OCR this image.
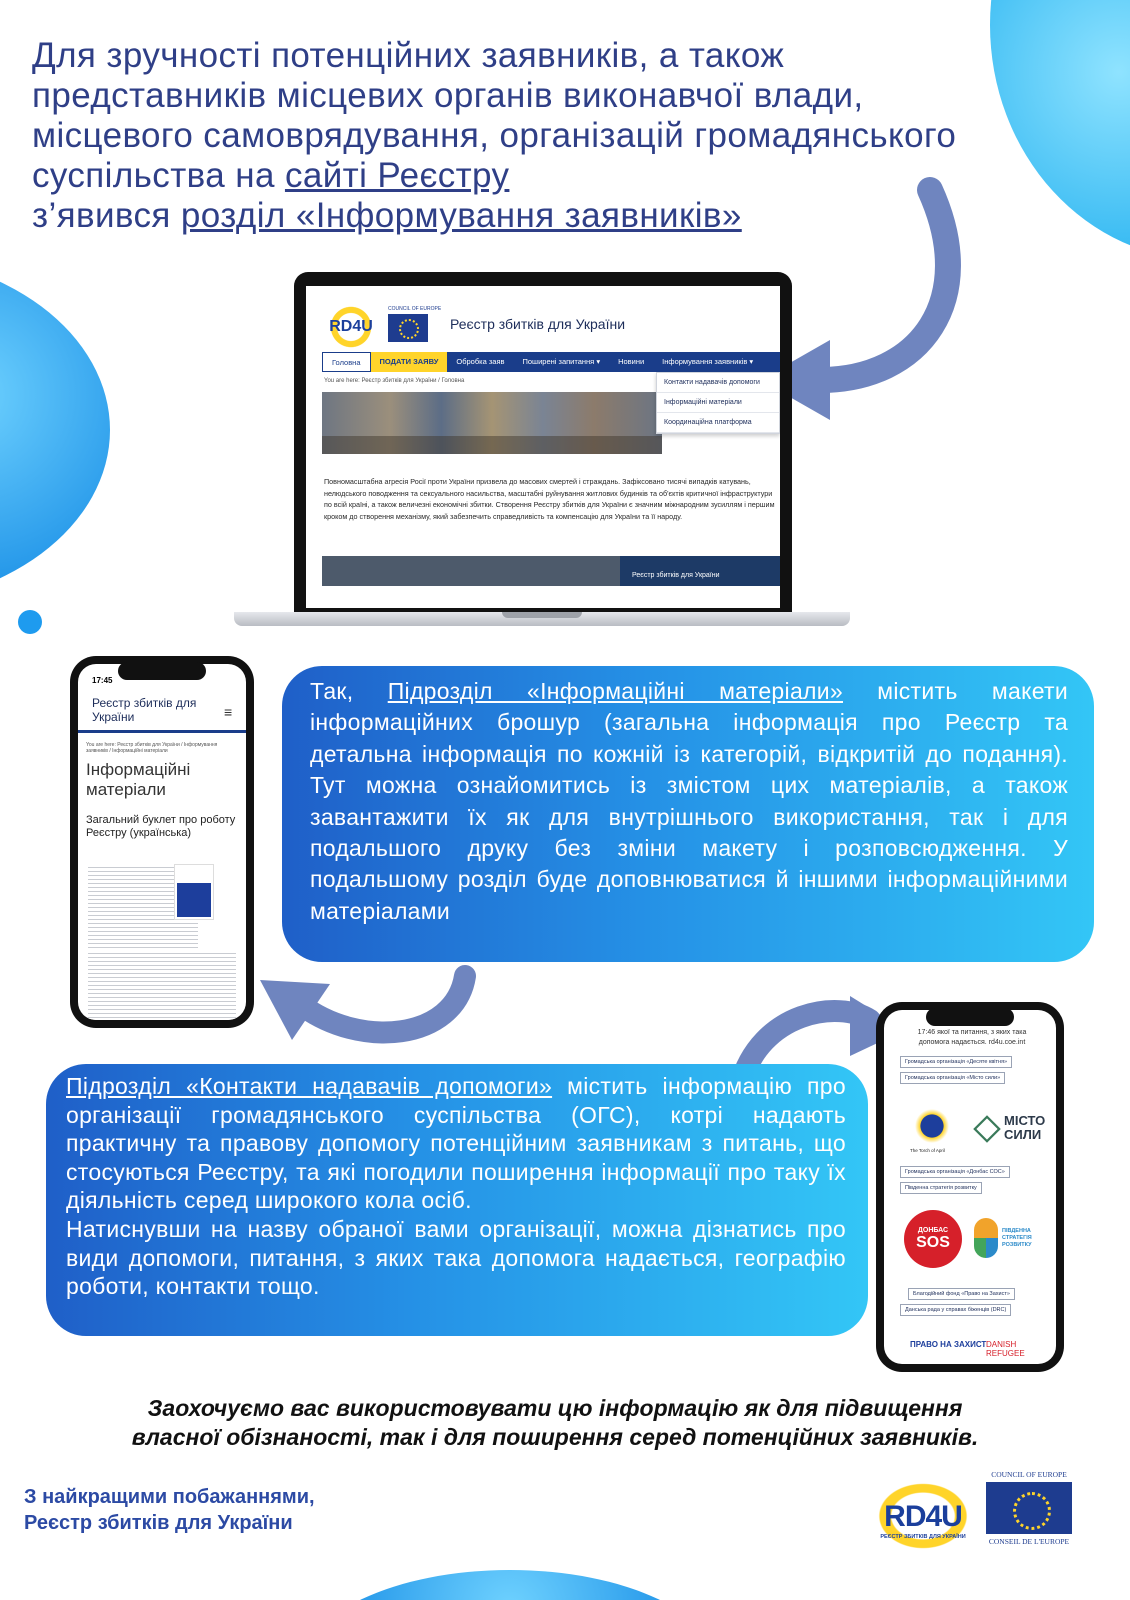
Для зручності потенційних заявників, а також представників місцевих органів виконавчої влади, місцевого самоврядування, організацій громадянського суспільства на сайті Реєстру
з’явився розділ «Інформування заявників»
RD4U
COUNCIL OF EUROPE
Реєстр збитків для України
Головна	ПОДАТИ ЗАЯВУ	Обробка заяв	Поширені запитання ▾	Новини	Інформування заявників ▾
Контакти надавачів допомоги
Інформаційні матеріали
Координаційна платформа
You are here: Реєстр збитків для України / Головна
Повномасштабна агресія Росії проти України призвела до масових смертей і страждань. Зафіксовано тисячі випадків катувань, нелюдського поводження та сексуального насильства, масштабні руйнування житлових будинків та об'єктів критичної інфраструктури по всій країні, а також величезні економічні збитки. Створення Реєстру збитків для України є значним міжнародним зусиллям і першим кроком до створення механізму, який забезпечить справедливість та компенсацію для України та її народу.
Реєстр збитків для України
17:45
Реєстр збитків для України	≡
You are here: Реєстр збитків для України / Інформування заявників / Інформаційні матеріали
Інформаційні матеріали
Загальний буклет про роботу Реєстру (українська)
Так, Підрозділ «Інформаційні матеріали» містить макети інформаційних брошур (загальна інформація про Реєстр та детальна інформація по кожній із категорій, відкритій до подання). Тут можна ознайомитись із змістом цих матеріалів, а також завантажити їх як для внутрішнього використання, так і для подальшого друку без зміни макету і розповсюдження. У подальшому розділ буде доповнюватися й іншими інформаційними матеріалами
Підрозділ «Контакти надавачів допомоги» містить інформацію про організації громадянського суспільства (ОГС), котрі надають практичну та правову допомогу потенційним заявникам з питань, що стосуються Реєстру, та які погодили поширення інформації про таку їх діяльність серед широкого кола осіб.
Натиснувши на назву обраної вами організації, можна дізнатись про види допомоги, питання, з яких така допомога надається, географію роботи, контакти тощо.
17:46 якої та питання, з яких така допомога надається. rd4u.coe.int
Громадська організація «Десяте квітня»
Громадська організація «Місто сили»
The Torch of April
МІСТО СИЛИ
Громадська організація «Донбас СОС»
Південна стратегія розвитку
ДОНБАС
SOS
ПІВДЕННА СТРАТЕГІЯ РОЗВИТКУ
Благодійний фонд «Право на Захист»
Данська рада у справах біженців (DRC)
ПРАВО НА ЗАХИСТ DANISH REFUGEE
Заохочуємо вас використовувати цю інформацію як для підвищення власної обізнаності, так і для поширення серед потенційних заявників.
З найкращими побажаннями,
Реєстр збитків для України	RD4U
РЕЄСТР ЗБИТКІВ ДЛЯ УКРАЇНИ
COUNCIL OF EUROPE
CONSEIL DE L'EUROPE
